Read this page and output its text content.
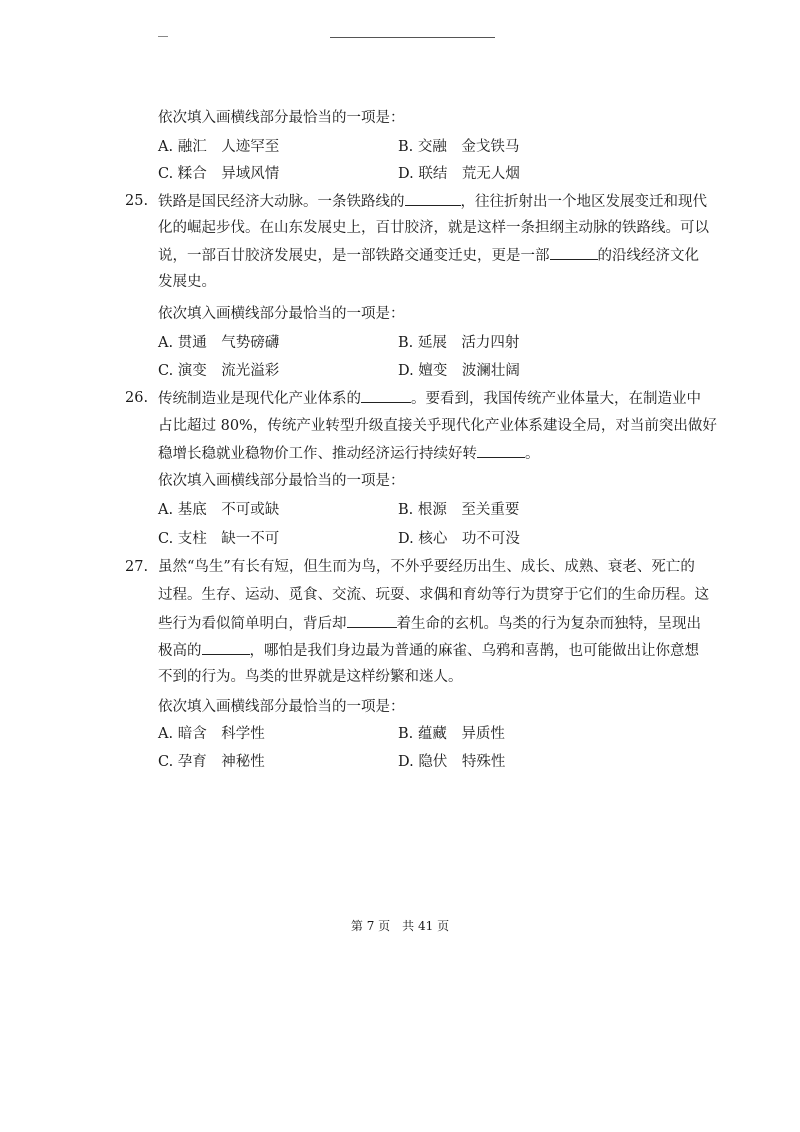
依次填入画横线部分最恰当的一项是：
A. 融汇　人迹罕至	B. 交融　金戈铁马
C. 糅合　异域风情	D. 联结　荒无人烟
25. 铁路是国民经济大动脉。一条铁路线的	，往往折射出一个地区发展变迁和现代
化的崛起步伐。在山东发展史上，百廿胶济，就是这样一条担纲主动脉的铁路线。可以
说，一部百廿胶济发展史，是一部铁路交通变迁史，更是一部	的沿线经济文化
发展史。
依次填入画横线部分最恰当的一项是：
A. 贯通　气势磅礴	B. 延展　活力四射
C. 演变　流光溢彩	D. 嬗变　波澜壮阔
26. 传统制造业是现代化产业体系的	。要看到，我国传统产业体量大，在制造业中
占比超过 80%，传统产业转型升级直接关乎现代化产业体系建设全局，对当前突出做好
稳增长稳就业稳物价工作、推动经济运行持续好转	。
依次填入画横线部分最恰当的一项是：
A. 基底　不可或缺	B. 根源　至关重要
C. 支柱　缺一不可	D. 核心　功不可没
27. 虽然“鸟生”有长有短，但生而为鸟，不外乎要经历出生、成长、成熟、衰老、死亡的
过程。生存、运动、觅食、交流、玩耍、求偶和育幼等行为贯穿于它们的生命历程。这
些行为看似简单明白，背后却	着生命的玄机。鸟类的行为复杂而独特，呈现出
极高的	，哪怕是我们身边最为普通的麻雀、乌鸦和喜鹊，也可能做出让你意想
不到的行为。鸟类的世界就是这样纷繁和迷人。
依次填入画横线部分最恰当的一项是：
A. 暗含　科学性	B. 蕴藏　异质性
C. 孕育　神秘性	D. 隐伏　特殊性
第 7 页　共 41 页
